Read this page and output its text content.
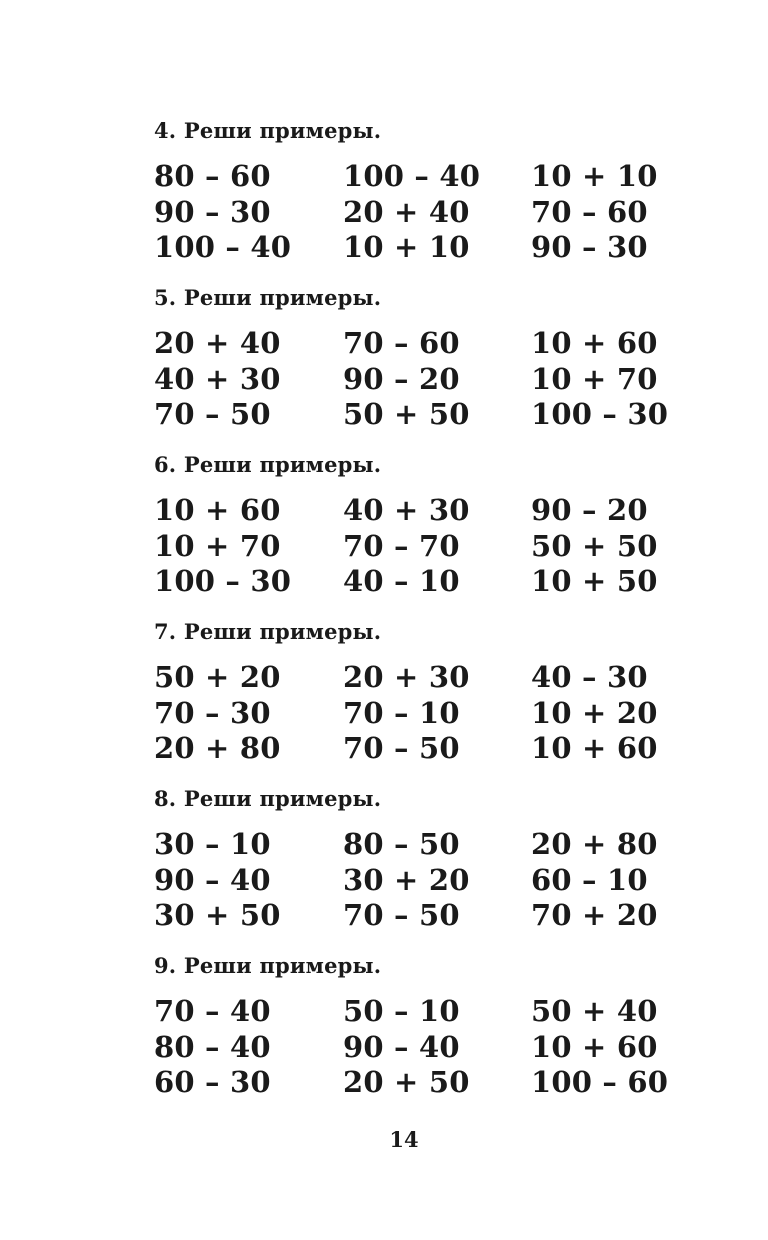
4. Реши примеры.
80 – 60	100 – 40	10 + 10
90 – 30	20 + 40	70 – 60
100 – 40	10 + 10	90 – 30
5. Реши примеры.
20 + 40	70 – 60	10 + 60
40 + 30	90 – 20	10 + 70
70 – 50	50 + 50	100 – 30
6. Реши примеры.
10 + 60	40 + 30	90 – 20
10 + 70	70 – 70	50 + 50
100 – 30	40 – 10	10 + 50
7. Реши примеры.
50 + 20	20 + 30	40 – 30
70 – 30	70 – 10	10 + 20
20 + 80	70 – 50	10 + 60
8. Реши примеры.
30 – 10	80 – 50	20 + 80
90 – 40	30 + 20	60 – 10
30 + 50	70 – 50	70 + 20
9. Реши примеры.
70 – 40	50 – 10	50 + 40
80 – 40	90 – 40	10 + 60
60 – 30	20 + 50	100 – 60
14
